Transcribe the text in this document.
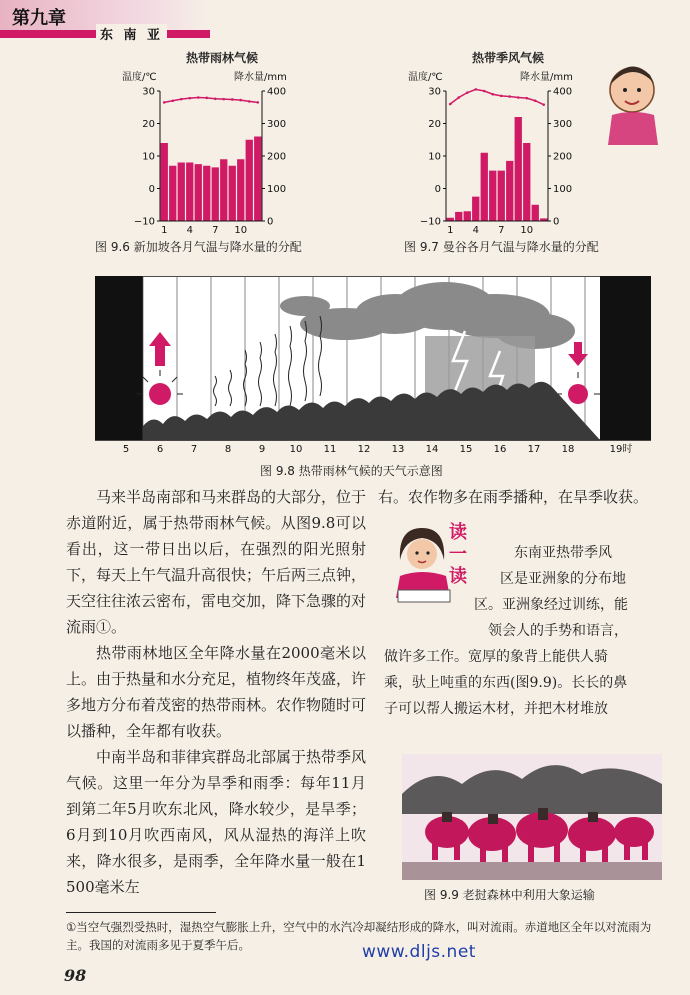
第九章
东 南 亚
热带雨林气候
温度/℃	降水量/mm
30
20
10
0
−10
400
300
200
100
0
1 4 7 10
图 9.6 新加坡各月气温与降水量的分配
热带季风气候
温度/℃	降水量/mm
30
20
10
0
−10
400
300
200
100
0
1 4 7 10
图 9.7 曼谷各月气温与降水量的分配
5	6	7	8	9 10 11 12 13 14 15 16 17 18	19时
图 9.8 热带雨林气候的天气示意图

马来半岛南部和马来群岛的大部分，位于赤道附近，属于热带雨林气候。从图9.8可以看出，这一带日出以后，在强烈的阳光照射下，每天上午气温升高很快；午后两三点钟，天空往往浓云密布，雷电交加，降下急骤的对流雨①。

热带雨林地区全年降水量在2000毫米以上。由于热量和水分充足，植物终年茂盛，许多地方分布着茂密的热带雨林。农作物随时可以播种，全年都有收获。

中南半岛和菲律宾群岛北部属于热带季风气候。这里一年分为旱季和雨季：每年11月到第二年5月吹东北风，降水较少，是旱季；6月到10月吹西南风，风从湿热的海洋上吹来，降水很多，是雨季，全年降水量一般在1 500毫米左

右。农作物多在雨季播种，在旱季收获。
读
一
读
东南亚热带季风
区是亚洲象的分布地
区。亚洲象经过训练，能
领会人的手势和语言，
做许多工作。宽厚的象背上能供人骑
乘，驮上吨重的东西(图9.9)。长长的鼻
子可以帮人搬运木材，并把木材堆放
图 9.9 老挝森林中利用大象运输
①当空气强烈受热时，湿热空气膨胀上升，空气中的水汽冷却凝结形成的降水，叫对流雨。赤道地区全年以对流雨为主。我国的对流雨多见于夏季午后。
98
www.dljs.net
